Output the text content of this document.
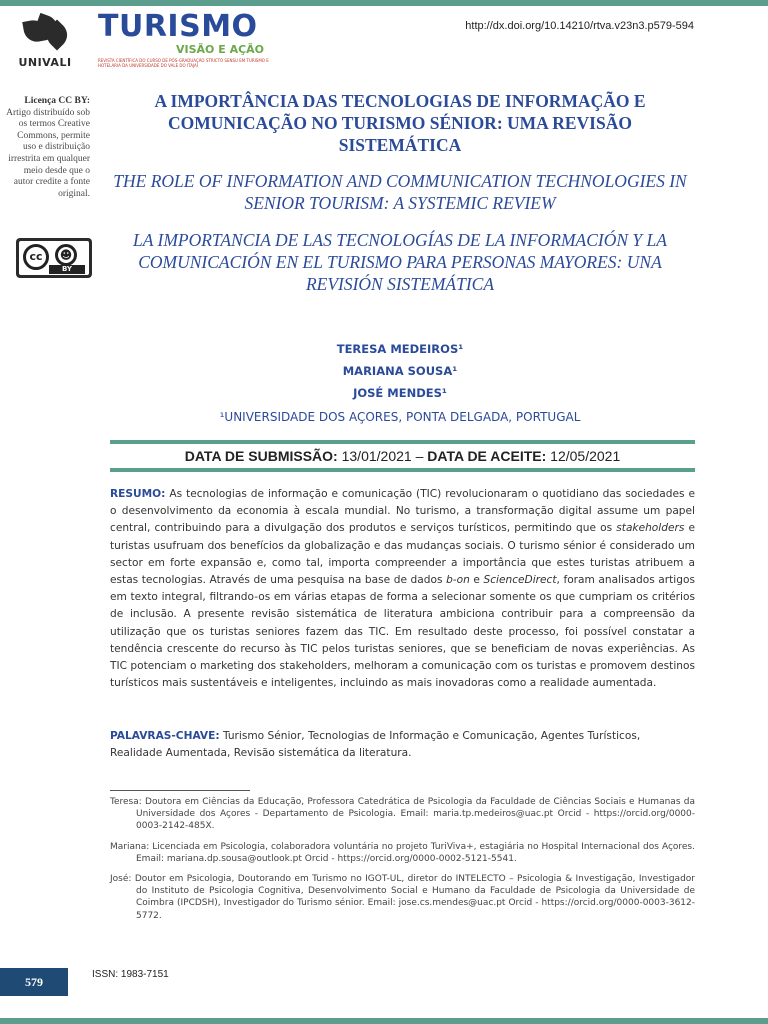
UNIVALI
TURISMO
VISÃO E AÇÃO
REVISTA CIENTÍFICA DO CURSO DE PÓS-GRADUAÇÃO STRICTO SENSU EM TURISMO E HOTELARIA DA UNIVERSIDADE DO VALE DO ITAJAÍ
http://dx.doi.org/10.14210/rtva.v23n3.p579-594
Licença CC BY: Artigo distribuído sob os termos Creative Commons, permite uso e distribuição irrestrita em qualquer meio desde que o autor credite a fonte original.
cc	☻
BY
A IMPORTÂNCIA DAS TECNOLOGIAS DE INFORMAÇÃO E COMUNICAÇÃO NO TURISMO SÉNIOR: UMA REVISÃO SISTEMÁTICA
THE ROLE OF INFORMATION AND COMMUNICATION TECHNOLOGIES IN SENIOR TOURISM: A SYSTEMIC REVIEW
LA IMPORTANCIA DE LAS TECNOLOGÍAS DE LA INFORMACIÓN Y LA COMUNICACIÓN EN EL TURISMO PARA PERSONAS MAYORES: UNA REVISIÓN SISTEMÁTICA
TERESA MEDEIROS¹
MARIANA SOUSA¹
JOSÉ MENDES¹
¹UNIVERSIDADE DOS AÇORES, PONTA DELGADA, PORTUGAL
DATA DE SUBMISSÃO: 13/01/2021 – DATA DE ACEITE: 12/05/2021
RESUMO: As tecnologias de informação e comunicação (TIC) revolucionaram o quotidiano das sociedades e o desenvolvimento da economia à escala mundial. No turismo, a transformação digital assume um papel central, contribuindo para a divulgação dos produtos e serviços turísticos, permitindo que os stakeholders e turistas usufruam dos benefícios da globalização e das mudanças sociais. O turismo sénior é considerado um sector em forte expansão e, como tal, importa compreender a importância que estes turistas atribuem a estas tecnologias. Através de uma pesquisa na base de dados b-on e ScienceDirect, foram analisados artigos em texto integral, filtrando-os em várias etapas de forma a selecionar somente os que cumpriam os critérios de inclusão. A presente revisão sistemática de literatura ambiciona contribuir para a compreensão da utilização que os turistas seniores fazem das TIC. Em resultado deste processo, foi possível constatar a tendência crescente do recurso às TIC pelos turistas seniores, que se beneficiam de novas experiências. As TIC potenciam o marketing dos stakeholders, melhoram a comunicação com os turistas e promovem destinos turísticos mais sustentáveis e inteligentes, incluindo as mais inovadoras como a realidade aumentada.
PALAVRAS-CHAVE: Turismo Sénior, Tecnologias de Informação e Comunicação, Agentes Turísticos, Realidade Aumentada, Revisão sistemática da literatura.
Teresa: Doutora em Ciências da Educação, Professora Catedrática de Psicologia da Faculdade de Ciências Sociais e Humanas da Universidade dos Açores - Departamento de Psicologia. Email: maria.tp.medeiros@uac.pt Orcid - https://orcid.org/0000-0003-2142-485X.
Mariana: Licenciada em Psicologia, colaboradora voluntária no projeto TuriViva+, estagiária no Hospital Internacional dos Açores. Email: mariana.dp.sousa@outlook.pt Orcid - https://orcid.org/0000-0002-5121-5541.
José: Doutor em Psicologia, Doutorando em Turismo no IGOT-UL, diretor do INTELECTO – Psicologia & Investigação, Investigador do Instituto de Psicologia Cognitiva, Desenvolvimento Social e Humano da Faculdade de Psicologia da Universidade de Coimbra (IPCDSH), Investigador do Turismo sénior. Email: jose.cs.mendes@uac.pt Orcid - https://orcid.org/0000-0003-3612-5772.
579
ISSN: 1983-7151
